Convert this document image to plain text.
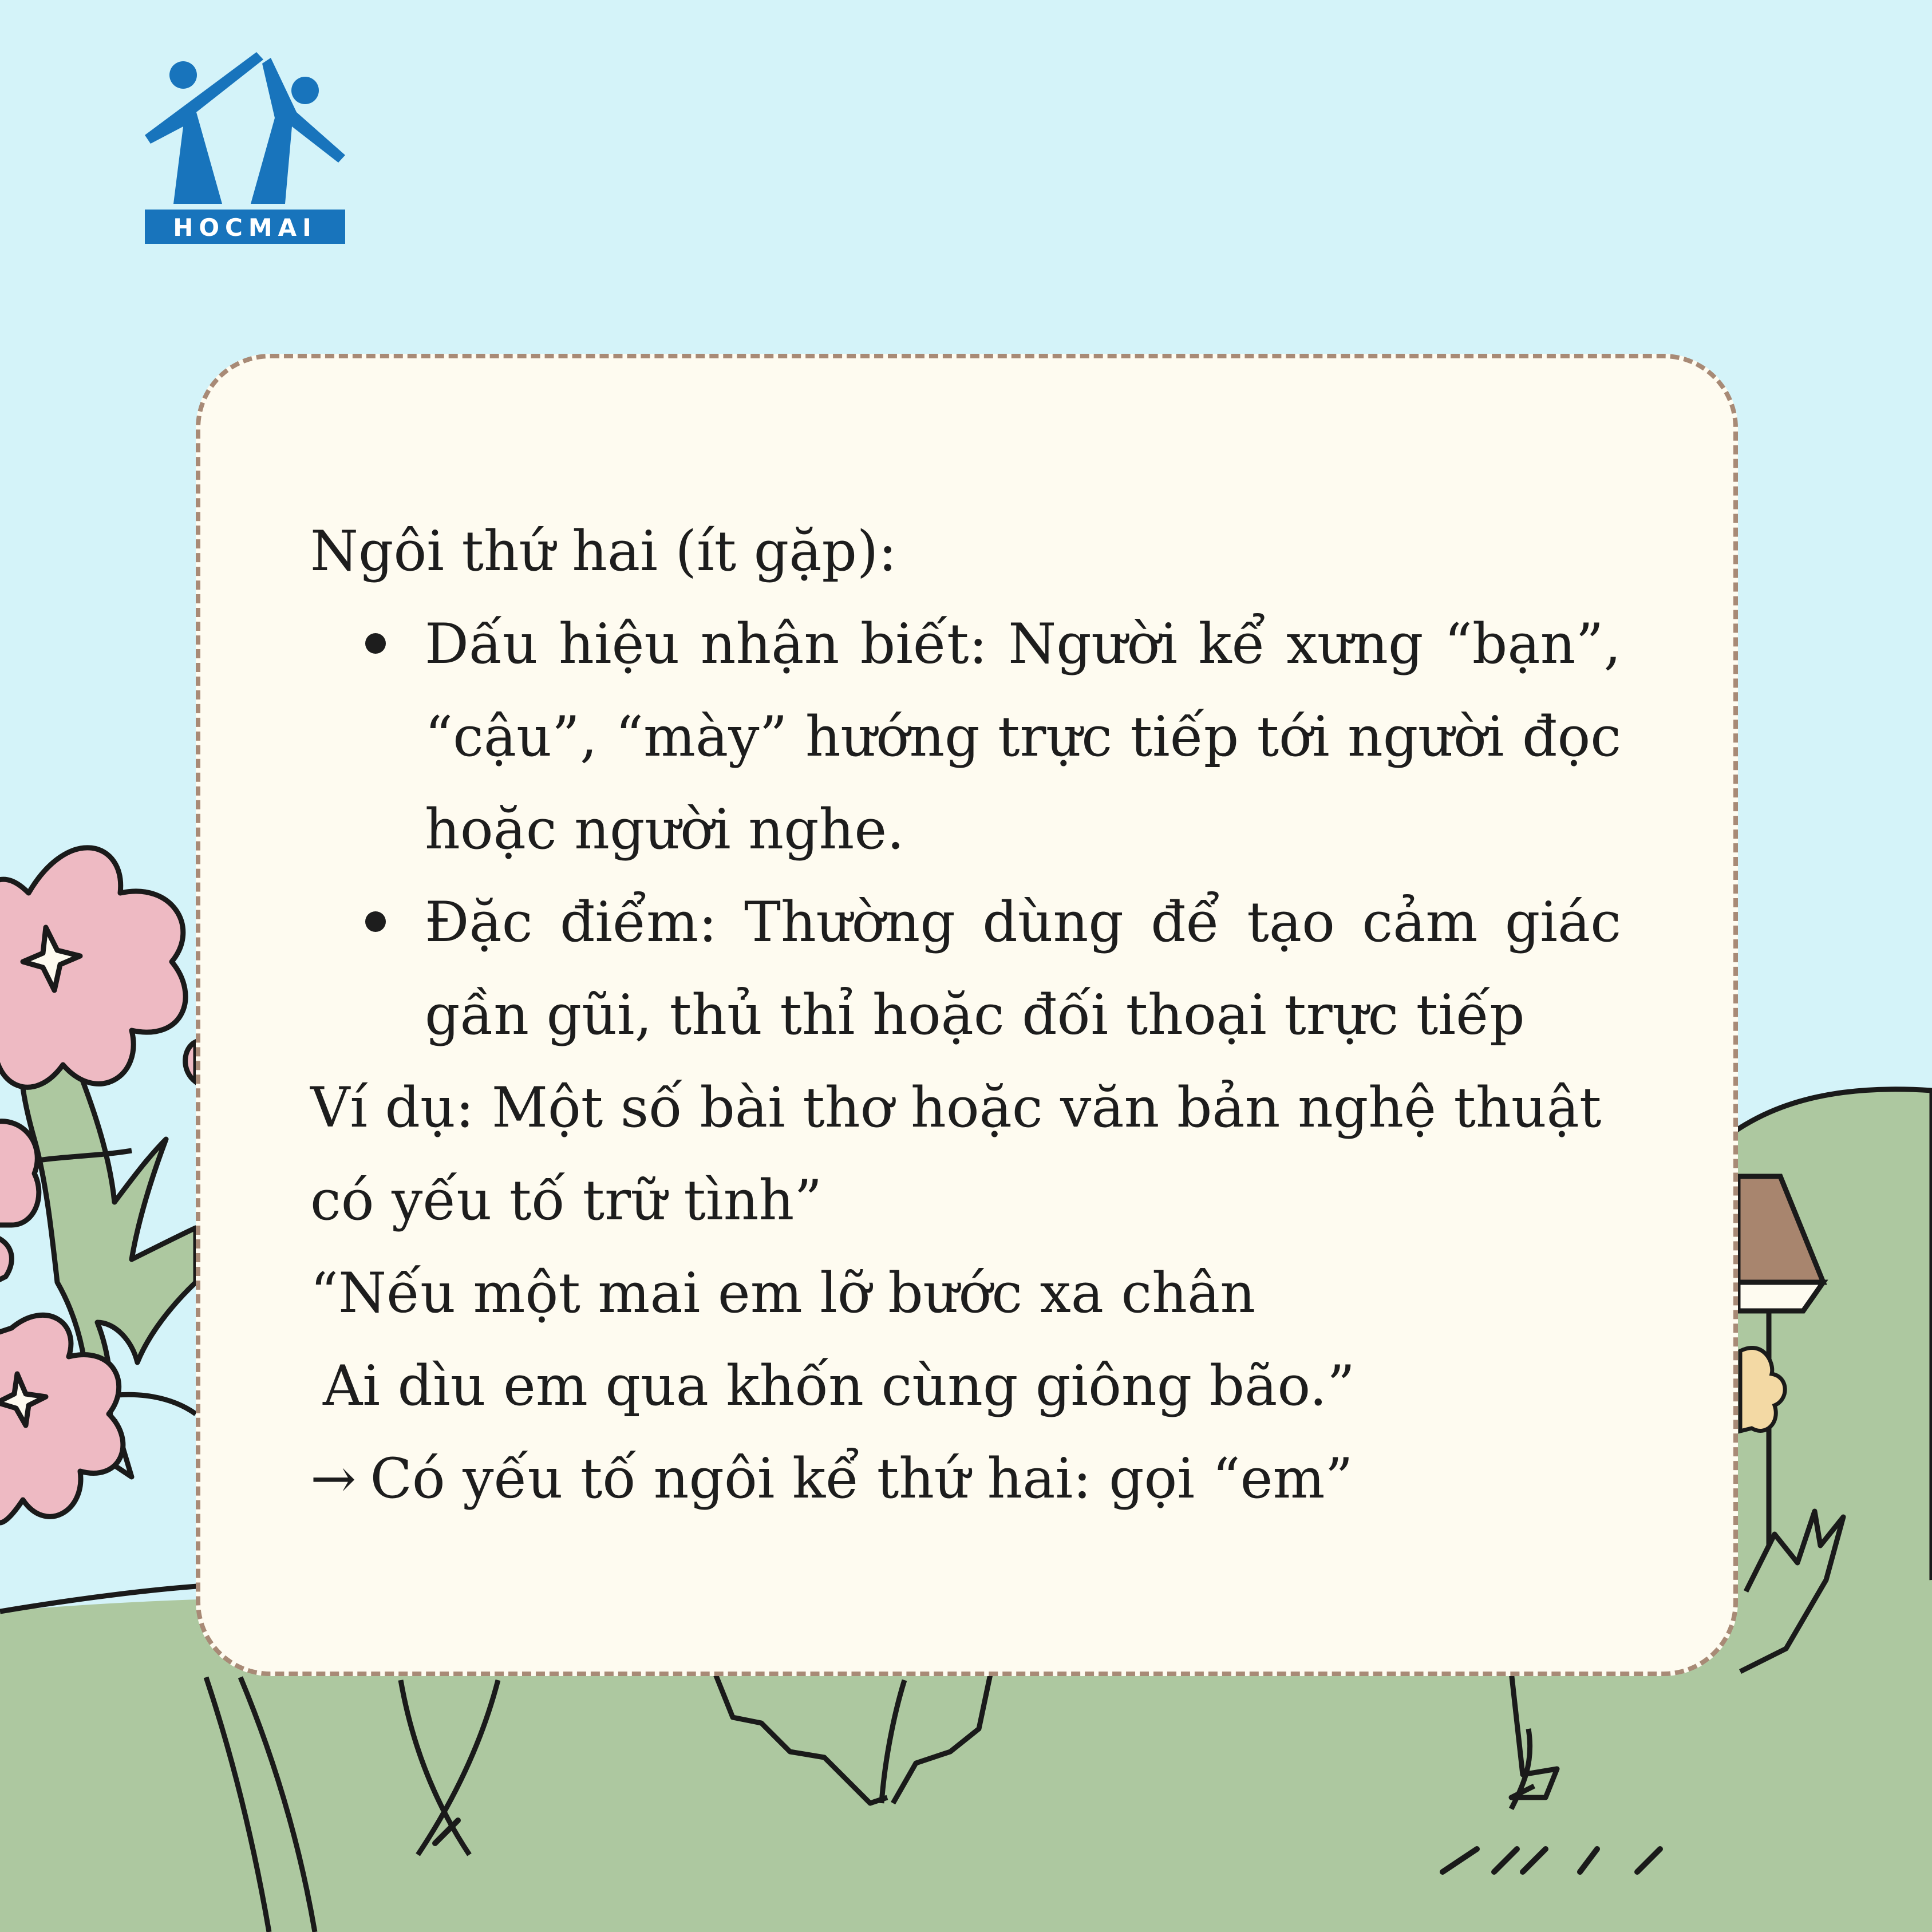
HOCMAI

Ngôi thứ hai (ít gặp):

Dấu hiệu nhận biết: Người kể xưng “bạn”, “cậu”, “mày” hướng trực tiếp tới người đọc hoặc người nghe.
Đặc điểm: Thường dùng để tạo cảm giác gần gũi, thủ thỉ hoặc đối thoại trực tiếp

Ví dụ: Một số bài thơ hoặc văn bản nghệ thuật

có yếu tố trữ tình”

“Nếu một mai em lỡ bước xa chân

Ai dìu em qua khốn cùng giông bão.”

→ Có yếu tố ngôi kể thứ hai: gọi “em”
